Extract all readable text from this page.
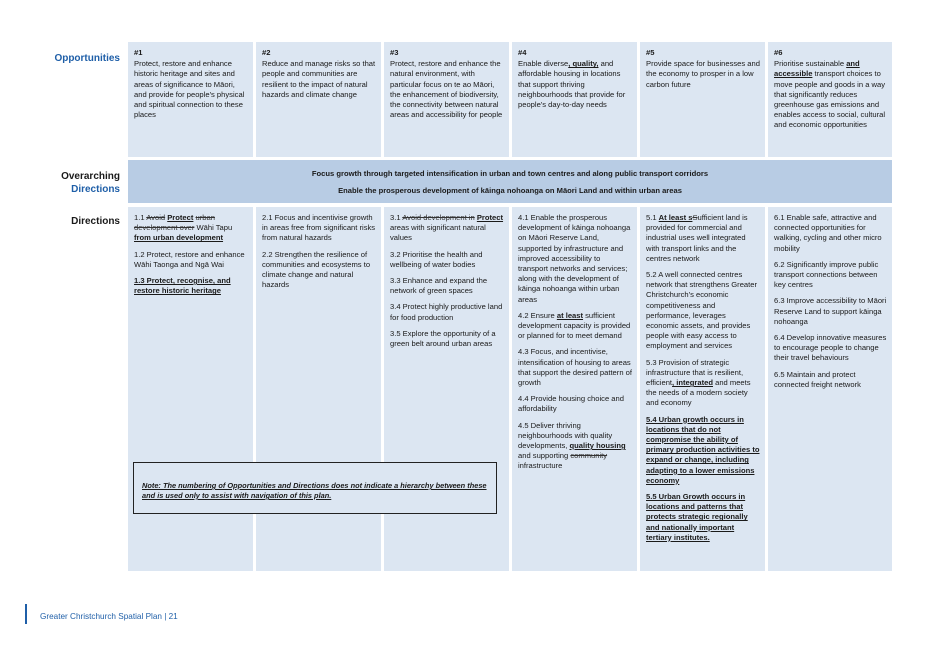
Opportunities
Overarching
Directions
Directions
#1
Protect, restore and enhance historic heritage and sites and areas of significance to Māori, and provide for people's physical and spiritual connection to these places
#2
Reduce and manage risks so that people and communities are resilient to the impact of natural hazards and climate change
#3
Protect, restore and enhance the natural environment, with particular focus on te ao Māori, the enhancement of biodiversity, the connectivity between natural areas and accessibility for people
#4
Enable diverse, quality, and affordable housing in locations that support thriving neighbourhoods that provide for people's day-to-day needs
#5
Provide space for businesses and the economy to prosper in a low carbon future
#6
Prioritise sustainable and accessible transport choices to move people and goods in a way that significantly reduces greenhouse gas emissions and enables access to social, cultural and economic opportunities
Focus growth through targeted intensification in urban and town centres and along public transport corridors
Enable the prosperous development of kāinga nohoanga on Māori Land and within urban areas
1.1 Avoid Protect urban development over Wāhi Tapu from urban development
1.2 Protect, restore and enhance Wāhi Taonga and Ngā Wai
1.3 Protect, recognise, and restore historic heritage
2.1 Focus and incentivise growth in areas free from significant risks from natural hazards
2.2 Strengthen the resilience of communities and ecosystems to climate change and natural hazards
3.1 Avoid development in Protect areas with significant natural values
3.2 Prioritise the health and wellbeing of water bodies
3.3 Enhance and expand the network of green spaces
3.4 Protect highly productive land for food production
3.5 Explore the opportunity of a green belt around urban areas
4.1 Enable the prosperous development of kāinga nohoanga on Māori Reserve Land, supported by infrastructure and improved accessibility to transport networks and services; along with the development of kāinga nohoanga within urban areas
4.2 Ensure at least sufficient development capacity is provided or planned for to meet demand
4.3 Focus, and incentivise, intensification of housing to areas that support the desired pattern of growth
4.4 Provide housing choice and affordability
4.5 Deliver thriving neighbourhoods with quality developments, quality housing and supporting community infrastructure
5.1 At least sSufficient land is provided for commercial and industrial uses well integrated with transport links and the centres network
5.2 A well connected centres network that strengthens Greater Christchurch's economic competitiveness and performance, leverages economic assets, and provides people with easy access to employment and services
5.3 Provision of strategic infrastructure that is resilient, efficient, integrated and meets the needs of a modern society and economy
5.4 Urban growth occurs in locations that do not compromise the ability of primary production activities to expand or change, including adapting to a lower emissions economy
5.5 Urban Growth occurs in locations and patterns that protects strategic regionally and nationally important tertiary institutes.
6.1 Enable safe, attractive and connected opportunities for walking, cycling and other micro mobility
6.2 Significantly improve public transport connections between key centres
6.3 Improve accessibility to Māori Reserve Land to support kāinga nohoanga
6.4 Develop innovative measures to encourage people to change their travel behaviours
6.5 Maintain and protect connected freight network
Note: The numbering of Opportunities and Directions does not indicate a hierarchy between these and is used only to assist with navigation of this plan.
Greater Christchurch Spatial Plan | 21
